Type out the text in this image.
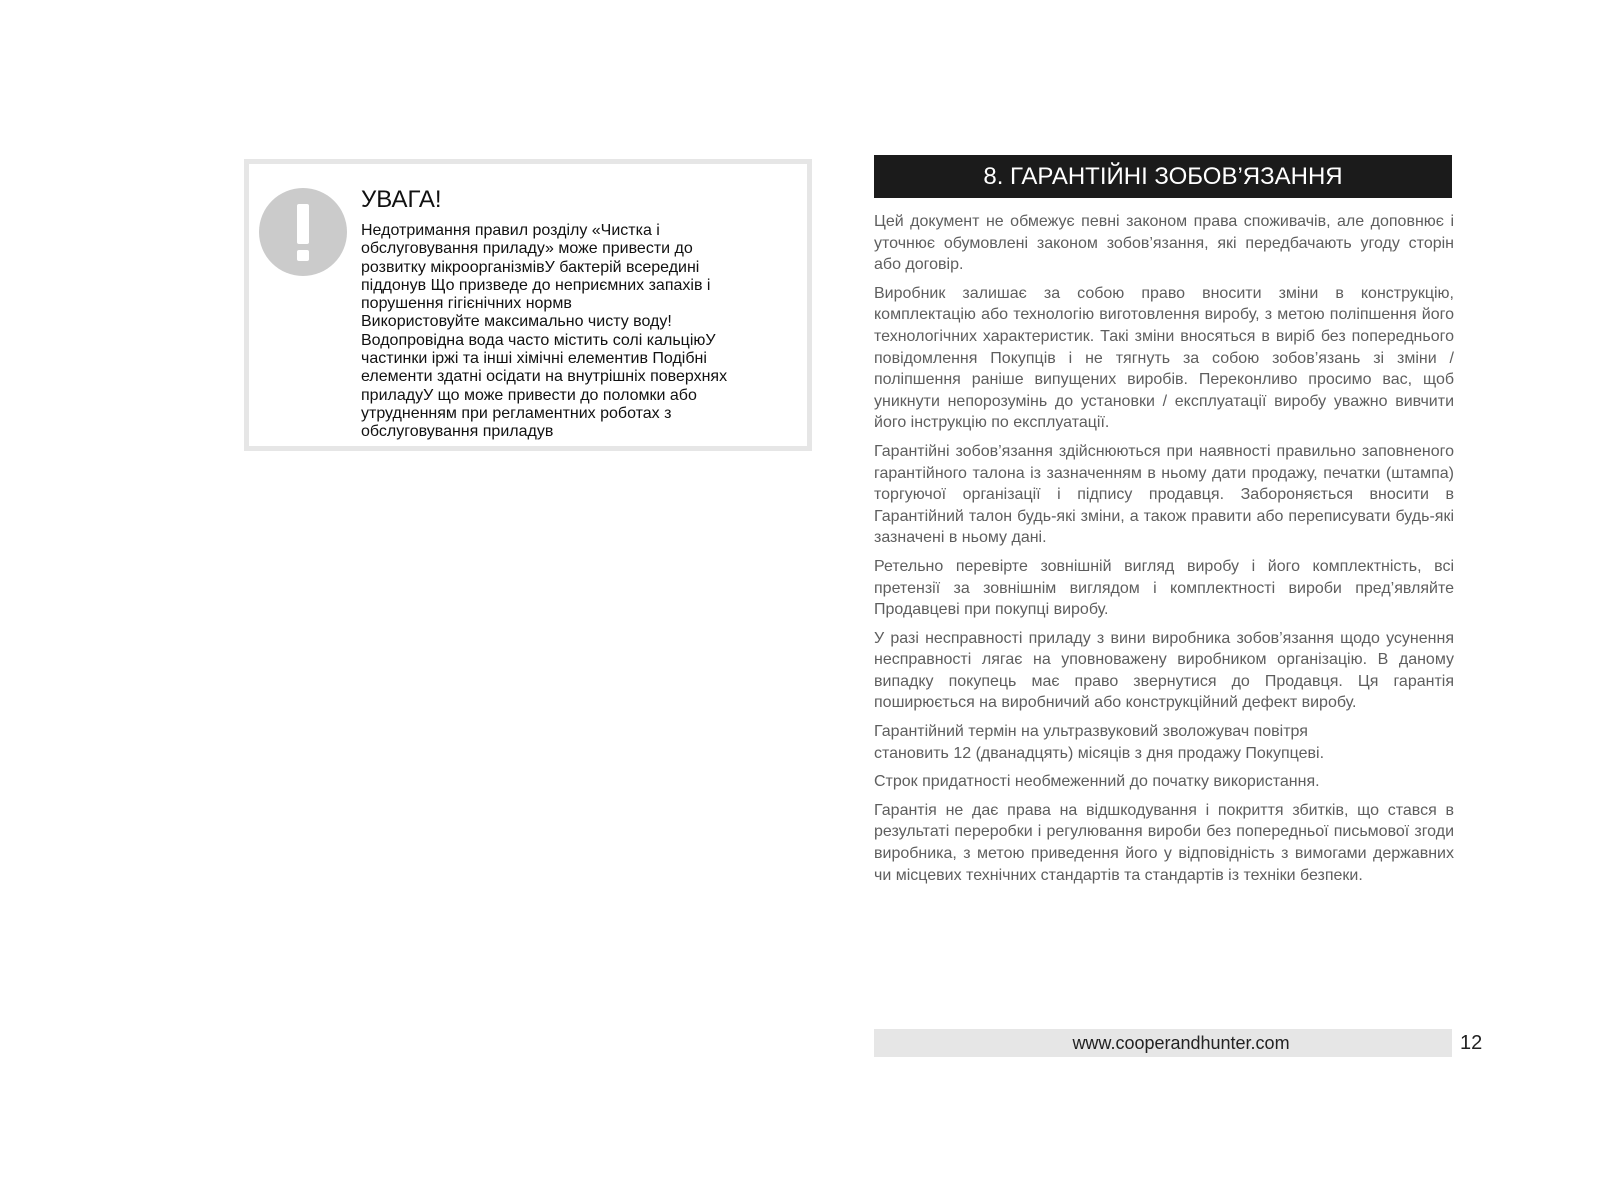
УВАГА!
Недотримання правил розділу «Чистка і
обслуговування приладу» може привести до
розвитку мікроорганізмівУ бактерій всередині
піддонув Що призведе до неприємних запахів і
порушення гігієнічних нормв
Використовуйте максимально чисту воду!
Водопровідна вода часто містить солі кальціюУ
частинки іржі та інші хімічні елементив Подібні
елементи здатні осідати на внутрішніх поверхнях
приладуУ що може привести до поломки або
утрудненням при регламентних роботах з
обслуговування приладув
8. ГАРАНТІЙНІ ЗОБОВ’ЯЗАННЯ

Цей документ не обмежує певні законом права споживачів, але доповнює і уточнює обумовлені законом зобов’язання, які передбачають угоду сторін або договір.

Виробник залишає за собою право вносити зміни в конструкцію, комплектацію або технологію виготовлення виробу, з метою поліпшення його технологічних характеристик. Такі зміни вносяться в виріб без попереднього повідомлення Покупців і не тягнуть за собою зобов’язань зі зміни / поліпшення раніше випущених виробів. Переконливо просимо вас, щоб уникнути непорозумінь до установки / експлуатації виробу уважно вивчити його інструкцію по експлуатації.

Гарантійні зобов’язання здійснюються при наявності правильно заповненого гарантійного талона із зазначенням в ньому дати продажу, печатки (штампа) торгуючої організації і підпису продавця. Забороняється вносити в Гарантійний талон будь-які зміни, а також правити або переписувати будь-які зазначені в ньому дані.

Ретельно перевірте зовнішній вигляд виробу і його комплектність, всі претензії за зовнішнім виглядом і комплектності вироби пред’являйте Продавцеві при покупці виробу.

У разі несправності приладу з вини виробника зобов’язання щодо усунення несправності лягає на уповноважену виробником організацію. В даному випадку покупець має право звернутися до Продавця. Ця гарантія поширюється на виробничий або конструкційний дефект виробу.

Гарантійний термін на ультразвуковий зволожувач повітря
становить 12 (дванадцять) місяців з дня продажу Покупцеві.

Строк придатності необмеженний до початку використання.

Гарантія не дає права на відшкодування і покриття збитків, що стався в результаті переробки і регулювання вироби без попередньої письмової згоди виробника, з метою приведення його у відповідність з вимогами державних чи місцевих технічних стандартів та стандартів із техніки безпеки.

www.cooperandhunter.com	12
